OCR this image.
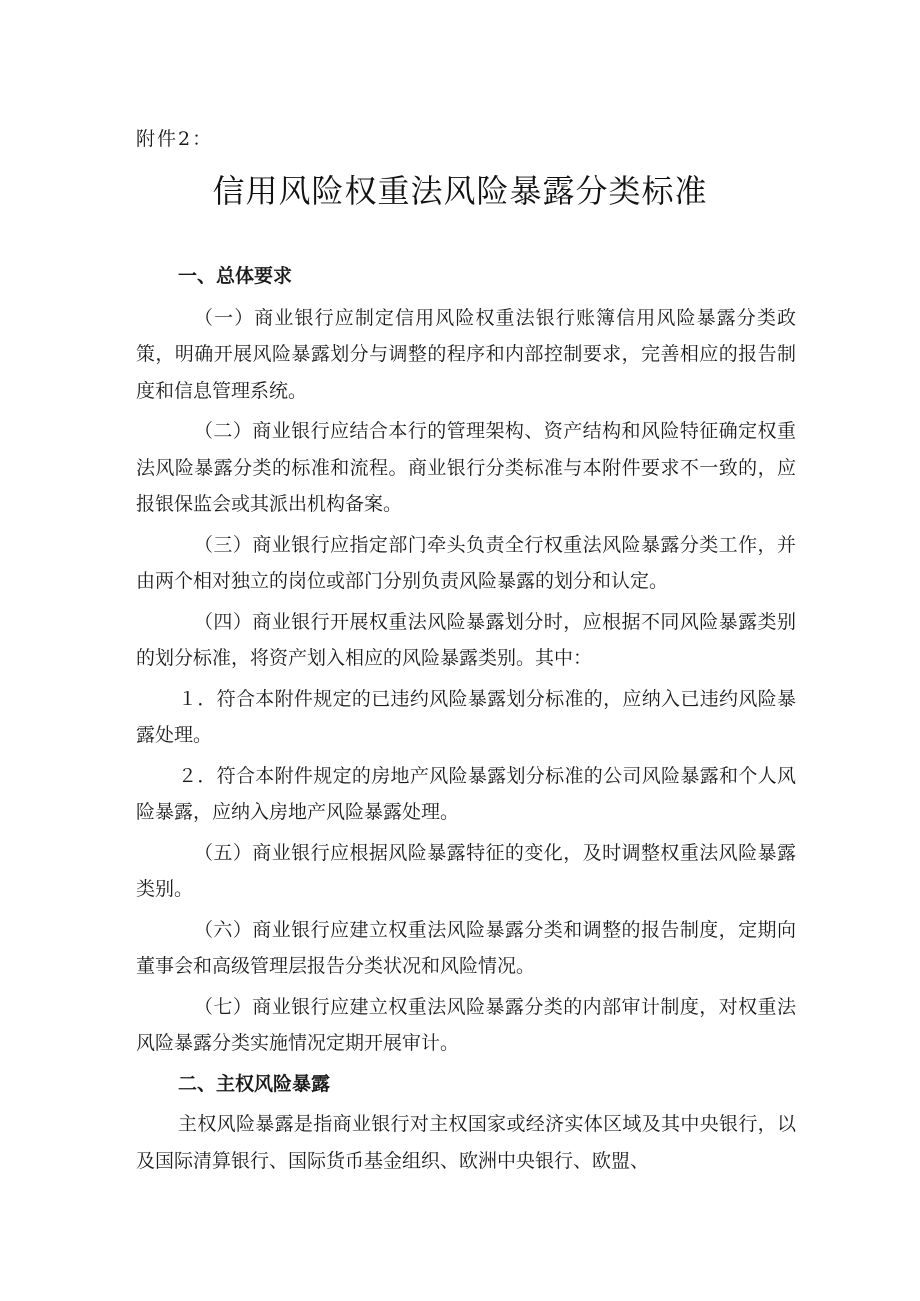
附件2：
信用风险权重法风险暴露分类标准

一、总体要求

（一）商业银行应制定信用风险权重法银行账簿信用风险暴露分类政策，明确开展风险暴露划分与调整的程序和内部控制要求，完善相应的报告制度和信息管理系统。

（二）商业银行应结合本行的管理架构、资产结构和风险特征确定权重法风险暴露分类的标准和流程。商业银行分类标准与本附件要求不一致的，应报银保监会或其派出机构备案。

（三）商业银行应指定部门牵头负责全行权重法风险暴露分类工作，并由两个相对独立的岗位或部门分别负责风险暴露的划分和认定。

（四）商业银行开展权重法风险暴露划分时，应根据不同风险暴露类别的划分标准，将资产划入相应的风险暴露类别。其中：

１．符合本附件规定的已违约风险暴露划分标准的，应纳入已违约风险暴露处理。

２．符合本附件规定的房地产风险暴露划分标准的公司风险暴露和个人风险暴露，应纳入房地产风险暴露处理。

（五）商业银行应根据风险暴露特征的变化，及时调整权重法风险暴露类别。

（六）商业银行应建立权重法风险暴露分类和调整的报告制度，定期向董事会和高级管理层报告分类状况和风险情况。

（七）商业银行应建立权重法风险暴露分类的内部审计制度，对权重法风险暴露分类实施情况定期开展审计。

二、主权风险暴露

主权风险暴露是指商业银行对主权国家或经济实体区域及其中央银行，以及国际清算银行、国际货币基金组织、欧洲中央银行、欧盟、
